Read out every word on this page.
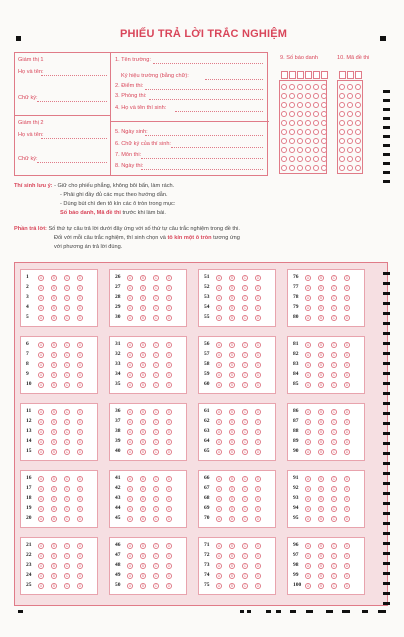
PHIẾU TRẢ LỜI TRẮC NGHIỆM
Giám thị 1
Họ và tên:
Chữ ký:
Giám thị 2
Họ và tên:
Chữ ký:
1. Tên trường:
Ký hiệu trường (bằng chữ):
2. Điểm thi:
3. Phòng thi:
4. Họ và tên thí sinh:
5. Ngày sinh:
6. Chữ ký của thí sinh:
7. Môn thi:
8. Ngày thi:
9. Số báo danh	10. Mã đề thi
Thí sinh lưu ý: - Giữ cho phiếu phẳng, không bôi bẩn, làm rách.
- Phải ghi đầy đủ các mục theo hướng dẫn.
- Dùng bút chì đen tô kín các ô tròn trong mục:
Số báo danh, Mã đề thi trước khi làm bài.
Phần trả lời: Số thứ tự câu trả lời dưới đây ứng với số thứ tự câu trắc nghiệm trong đề thi.
Đối với mỗi câu trắc nghiệm, thí sinh chọn và tô kín một ô tròn tương ứng
với phương án trả lời đúng.
1	A	B	C	D
2	A	B	C	D
3	A	B	C	D
4	A	B	C	D
5	A	B	C	D
6	A	B	C	D
7	A	B	C	D
8	A	B	C	D
9	A	B	C	D
10	A	B	C	D
11	A	B	C	D
12	A	B	C	D
13	A	B	C	D
14	A	B	C	D
15	A	B	C	D
16	A	B	C	D
17	A	B	C	D
18	A	B	C	D
19	A	B	C	D
20	A	B	C	D
21	A	B	C	D
22	A	B	C	D
23	A	B	C	D
24	A	B	C	D
25	A	B	C	D
26	A	B	C	D
27	A	B	C	D
28	A	B	C	D
29	A	B	C	D
30	A	B	C	D
31	A	B	C	D
32	A	B	C	D
33	A	B	C	D
34	A	B	C	D
35	A	B	C	D
36	A	B	C	D
37	A	B	C	D
38	A	B	C	D
39	A	B	C	D
40	A	B	C	D
41	A	B	C	D
42	A	B	C	D
43	A	B	C	D
44	A	B	C	D
45	A	B	C	D
46	A	B	C	D
47	A	B	C	D
48	A	B	C	D
49	A	B	C	D
50	A	B	C	D
51	A	B	C	D
52	A	B	C	D
53	A	B	C	D
54	A	B	C	D
55	A	B	C	D
56	A	B	C	D
57	A	B	C	D
58	A	B	C	D
59	A	B	C	D
60	A	B	C	D
61	A	B	C	D
62	A	B	C	D
63	A	B	C	D
64	A	B	C	D
65	A	B	C	D
66	A	B	C	D
67	A	B	C	D
68	A	B	C	D
69	A	B	C	D
70	A	B	C	D
71	A	B	C	D
72	A	B	C	D
73	A	B	C	D
74	A	B	C	D
75	A	B	C	D
76	A	B	C	D
77	A	B	C	D
78	A	B	C	D
79	A	B	C	D
80	A	B	C	D
81	A	B	C	D
82	A	B	C	D
83	A	B	C	D
84	A	B	C	D
85	A	B	C	D
86	A	B	C	D
87	A	B	C	D
88	A	B	C	D
89	A	B	C	D
90	A	B	C	D
91	A	B	C	D
92	A	B	C	D
93	A	B	C	D
94	A	B	C	D
95	A	B	C	D
96	A	B	C	D
97	A	B	C	D
98	A	B	C	D
99	A	B	C	D
100	A	B	C	D
